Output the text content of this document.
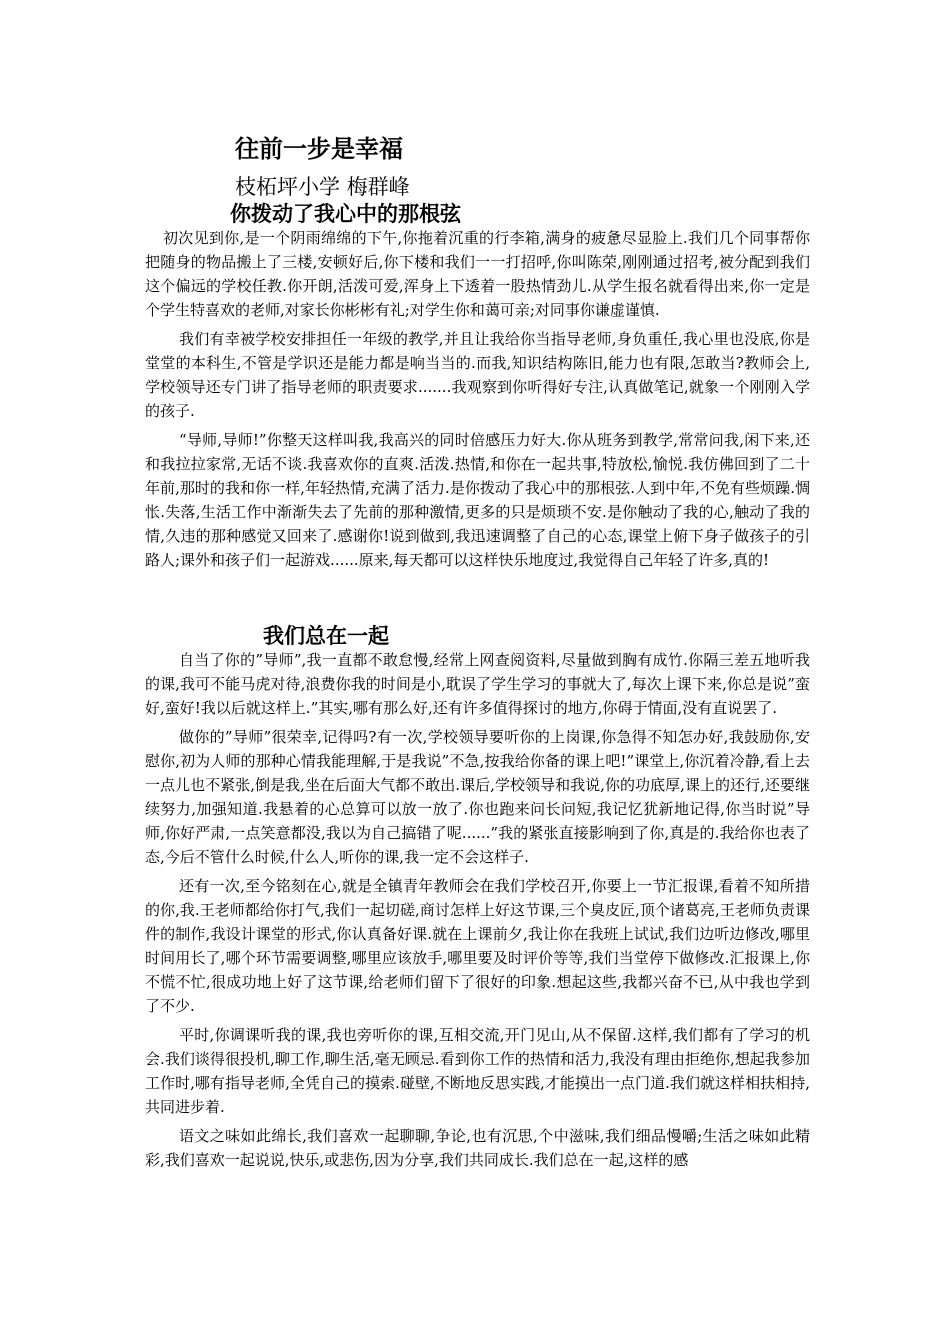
往前一步是幸福
枝柘坪小学 梅群峰
你拨动了我心中的那根弦

初次见到你,是一个阴雨绵绵的下午,你拖着沉重的行李箱,满身的疲惫尽显脸上.我们几个同事帮你把随身的物品搬上了三楼,安顿好后,你下楼和我们一一打招呼,你叫陈荣,刚刚通过招考,被分配到我们这个偏远的学校任教.你开朗,活泼可爱,浑身上下透着一股热情劲儿.从学生报名就看得出来,你一定是个学生特喜欢的老师,对家长你彬彬有礼;对学生你和蔼可亲;对同事你谦虚谨慎.

我们有幸被学校安排担任一年级的教学,并且让我给你当指导老师,身负重任,我心里也没底,你是堂堂的本科生,不管是学识还是能力都是响当当的.而我,知识结构陈旧,能力也有限,怎敢当?教师会上,学校领导还专门讲了指导老师的职责要求.......我观察到你听得好专注,认真做笔记,就象一个刚刚入学的孩子.

“导师,导师!”你整天这样叫我,我高兴的同时倍感压力好大.你从班务到教学,常常问我,闲下来,还和我拉拉家常,无话不谈.我喜欢你的直爽.活泼.热情,和你在一起共事,特放松,愉悦.我仿佛回到了二十年前,那时的我和你一样,年轻热情,充满了活力.是你拨动了我心中的那根弦.人到中年,不免有些烦躁.惆怅.失落,生活工作中渐渐失去了先前的那种激情,更多的只是烦琐不安.是你触动了我的心,触动了我的情,久违的那种感觉又回来了.感谢你!说到做到,我迅速调整了自己的心态,课堂上俯下身子做孩子的引路人;课外和孩子们一起游戏......原来,每天都可以这样快乐地度过,我觉得自己年轻了许多,真的!

我们总在一起

自当了你的”导师”,我一直都不敢怠慢,经常上网查阅资料,尽量做到胸有成竹.你隔三差五地听我的课,我可不能马虎对待,浪费你我的时间是小,耽误了学生学习的事就大了,每次上课下来,你总是说”蛮好,蛮好!我以后就这样上.”其实,哪有那么好,还有许多值得探讨的地方,你碍于情面,没有直说罢了.

做你的”导师”很荣幸,记得吗?有一次,学校领导要听你的上岗课,你急得不知怎办好,我鼓励你,安慰你,初为人师的那种心情我能理解,于是我说”不急,按我给你备的课上吧!”课堂上,你沉着冷静,看上去一点儿也不紧张,倒是我,坐在后面大气都不敢出.课后,学校领导和我说,你的功底厚,课上的还行,还要继续努力,加强知道.我悬着的心总算可以放一放了.你也跑来问长问短,我记忆犹新地记得,你当时说”导师,你好严肃,一点笑意都没,我以为自己搞错了呢......”我的紧张直接影响到了你,真是的.我给你也表了态,今后不管什么时候,什么人,听你的课,我一定不会这样子.

还有一次,至今铭刻在心,就是全镇青年教师会在我们学校召开,你要上一节汇报课,看着不知所措的你,我.王老师都给你打气,我们一起切磋,商讨怎样上好这节课,三个臭皮匠,顶个诸葛亮,王老师负责课件的制作,我设计课堂的形式,你认真备好课.就在上课前夕,我让你在我班上试试,我们边听边修改,哪里时间用长了,哪个环节需要调整,哪里应该放手,哪里要及时评价等等,我们当堂停下做修改.汇报课上,你不慌不忙,很成功地上好了这节课,给老师们留下了很好的印象.想起这些,我都兴奋不已,从中我也学到了不少.

平时,你调课听我的课,我也旁听你的课,互相交流,开门见山,从不保留.这样,我们都有了学习的机会.我们谈得很投机,聊工作,聊生活,毫无顾忌.看到你工作的热情和活力,我没有理由拒绝你,想起我参加工作时,哪有指导老师,全凭自己的摸索.碰壁,不断地反思实践,才能摸出一点门道.我们就这样相扶相持,共同进步着.

语文之味如此绵长,我们喜欢一起聊聊,争论,也有沉思,个中滋味,我们细品慢嚼;生活之味如此精彩,我们喜欢一起说说,快乐,或悲伤,因为分享,我们共同成长.我们总在一起,这样的感
